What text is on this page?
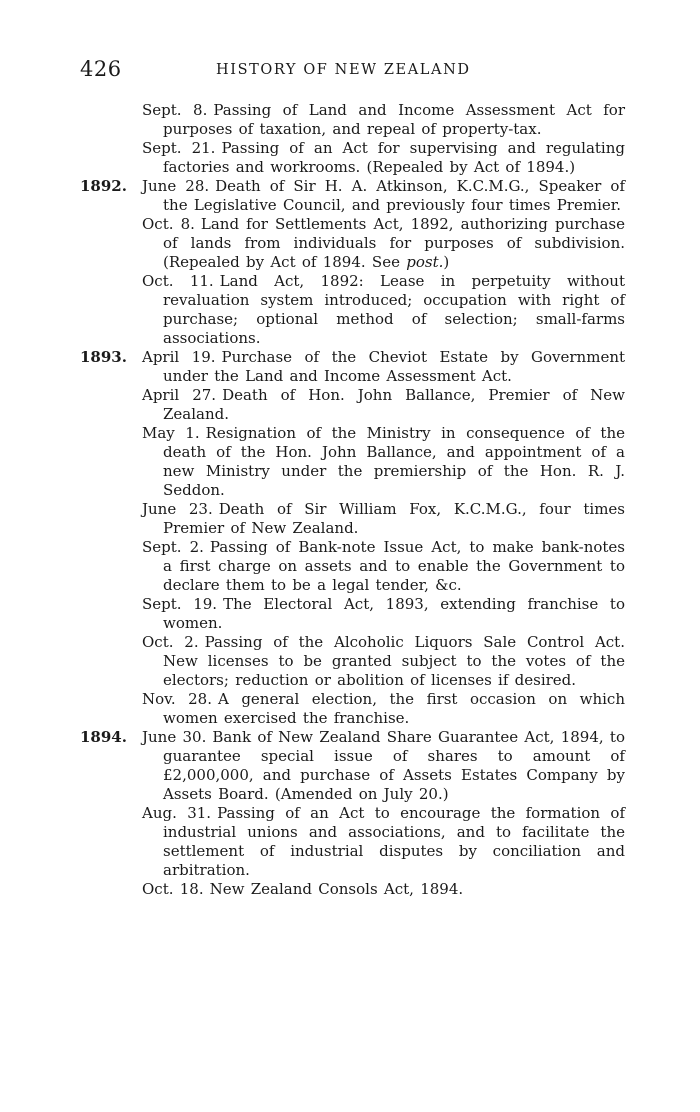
426	HISTORY OF NEW ZEALAND
Sept. 8. Passing of Land and Income Assessment Act for purposes of taxation, and repeal of property-tax.
Sept. 21. Passing of an Act for supervising and regulating factories and workrooms. (Repealed by Act of 1894.)
1892. June 28. Death of Sir H. A. Atkinson, K.C.M.G., Speaker of the Legislative Council, and previously four times Premier.
Oct. 8. Land for Settlements Act, 1892, authorizing purchase of lands from individuals for purposes of subdivision. (Repealed by Act of 1894. See post.)
Oct. 11. Land Act, 1892: Lease in perpetuity without revaluation system introduced; occupation with right of purchase; optional method of selection; small-farms associations.
1893. April 19. Purchase of the Cheviot Estate by Government under the Land and Income Assessment Act.
April 27. Death of Hon. John Ballance, Premier of New Zealand.
May 1. Resignation of the Ministry in consequence of the death of the Hon. John Ballance, and appointment of a new Ministry under the premiership of the Hon. R. J. Seddon.
June 23. Death of Sir William Fox, K.C.M.G., four times Premier of New Zealand.
Sept. 2. Passing of Bank-note Issue Act, to make bank-notes a first charge on assets and to enable the Government to declare them to be a legal tender, &c.
Sept. 19. The Electoral Act, 1893, extending franchise to women.
Oct. 2. Passing of the Alcoholic Liquors Sale Control Act. New licenses to be granted subject to the votes of the electors; reduction or abolition of licenses if desired.
Nov. 28. A general election, the first occasion on which women exercised the franchise.
1894. June 30. Bank of New Zealand Share Guarantee Act, 1894, to guarantee special issue of shares to amount of £2,000,000, and purchase of Assets Estates Company by Assets Board. (Amended on July 20.)
Aug. 31. Passing of an Act to encourage the formation of industrial unions and associations, and to facilitate the settlement of industrial disputes by conciliation and arbitration.
Oct. 18. New Zealand Consols Act, 1894.
